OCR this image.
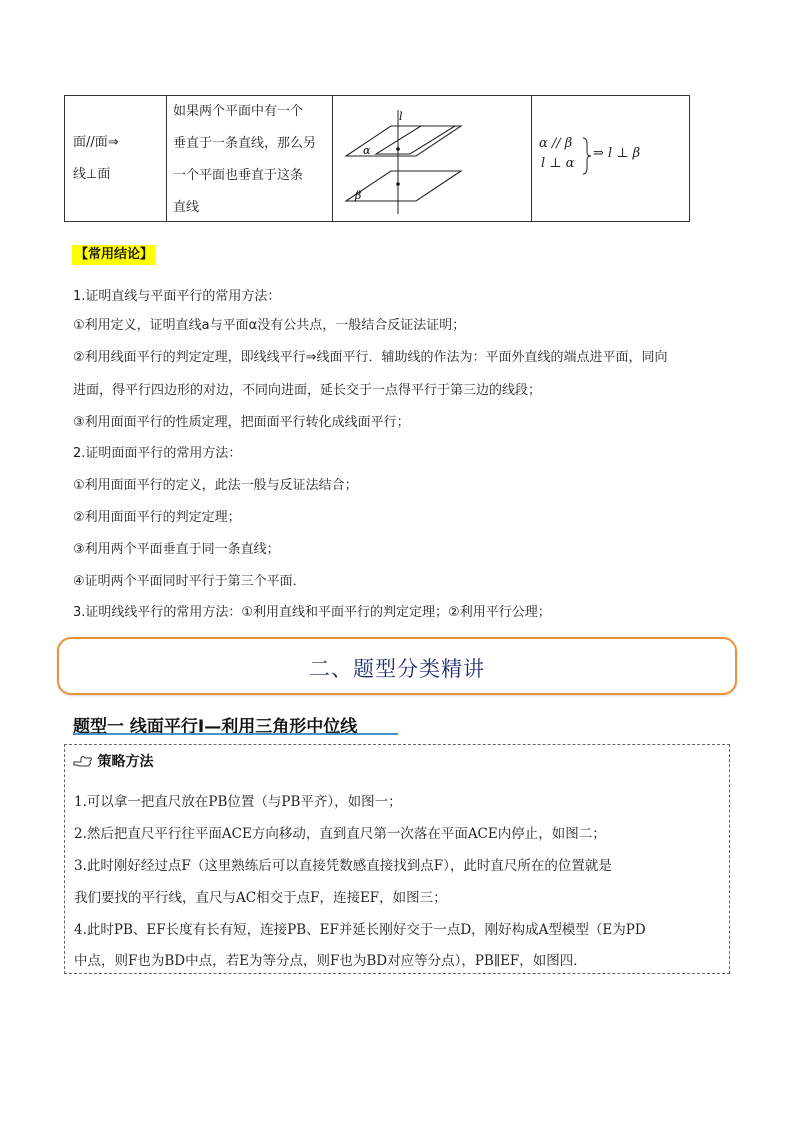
面//面⇒
线⊥面
如果两个平面中有一个
垂直于一条直线，那么另
一个平面也垂直于这条
直线
l
α
β
α // β
l ⊥ α
⇒ l ⊥ β
【常用结论】
1.证明直线与平面平行的常用方法：
①利用定义，证明直线a与平面α没有公共点，一般结合反证法证明；
②利用线面平行的判定定理，即线线平行⇒线面平行．辅助线的作法为：平面外直线的端点进平面，同向
进面，得平行四边形的对边，不同向进面，延长交于一点得平行于第三边的线段；
③利用面面平行的性质定理，把面面平行转化成线面平行；
2.证明面面平行的常用方法：
①利用面面平行的定义，此法一般与反证法结合；
②利用面面平行的判定定理；
③利用两个平面垂直于同一条直线；
④证明两个平面同时平行于第三个平面．
3.证明线线平行的常用方法：①利用直线和平面平行的判定定理；②利用平行公理；
二、题型分类精讲
题型一 线面平行Ⅰ—利用三角形中位线
策略方法
1.可以拿一把直尺放在PB位置（与PB平齐），如图一；
2.然后把直尺平行往平面ACE方向移动，直到直尺第一次落在平面ACE内停止，如图二；
3.此时刚好经过点F（这里熟练后可以直接凭数感直接找到点F），此时直尺所在的位置就是
我们要找的平行线，直尺与AC相交于点F，连接EF，如图三；
4.此时PB、EF长度有长有短，连接PB、EF并延长刚好交于一点D，刚好构成A型模型（E为PD
中点，则F也为BD中点，若E为等分点，则F也为BD对应等分点），PB∥EF，如图四．
